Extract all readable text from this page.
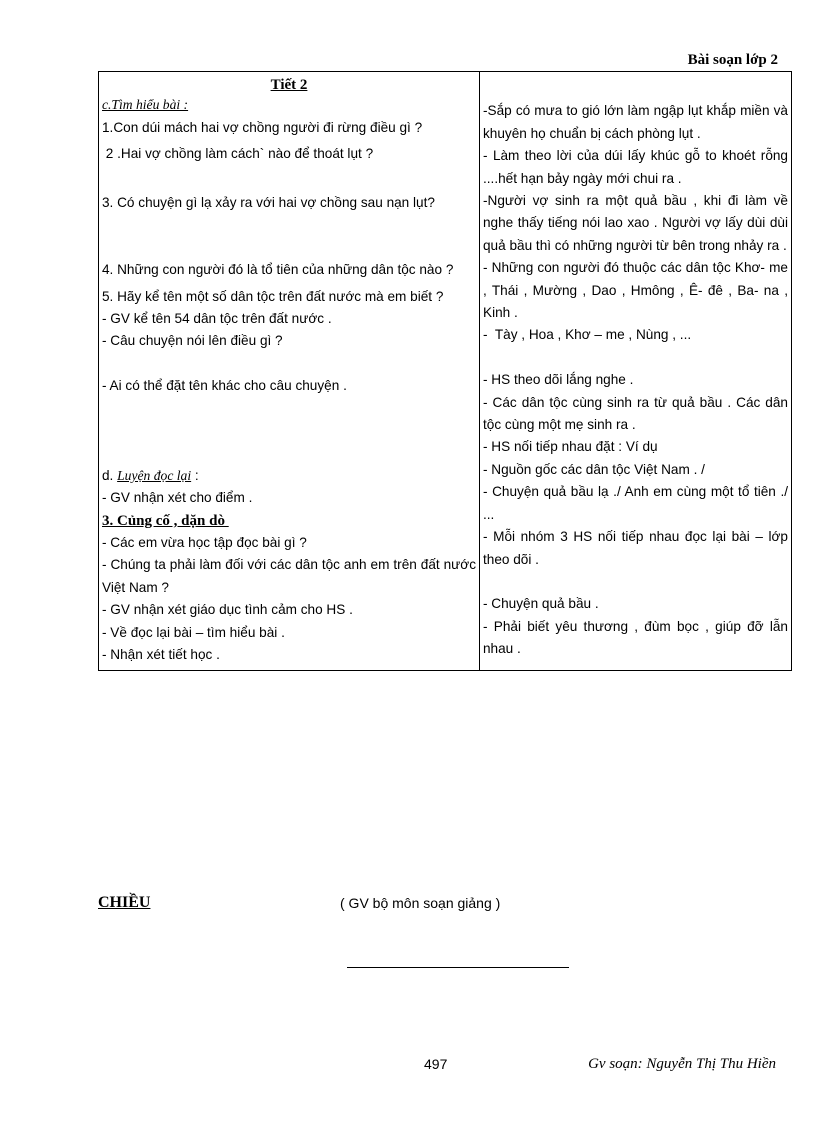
Bài soạn lớp 2
Tiết 2
c.Tìm hiểu bài :
1.Con dúi mách hai vợ chồng người đi rừng điều gì ?
2 .Hai vợ chồng làm cách` nào để thoát lụt ?
3. Có chuyện gì lạ xảy ra với hai vợ chồng sau nạn lụt?
4. Những con người đó là tổ tiên của những dân tộc nào ?
5. Hãy kể tên một số dân tộc trên đất nước mà em biết ?
- GV kể tên 54 dân tộc trên đất nước .
- Câu chuyện nói lên điều gì ?
- Ai có thể đặt tên khác cho câu chuyện .
d. Luyện đọc lại :
- GV nhận xét cho điểm .
3. Củng cố , dặn dò
- Các em vừa học tập đọc bài gì ?
- Chúng ta phải làm đối với các dân tộc anh em trên đất nước Việt Nam ?
- GV nhận xét giáo dục tình cảm cho HS .
- Về đọc lại bài – tìm hiểu bài .
- Nhận xét tiết học .

-Sắp có mưa to gió lớn làm ngập lụt khắp miền và khuyên họ chuẩn bị cách phòng lụt .
- Làm theo lời của dúi lấy khúc gỗ to khoét rỗng ....hết hạn bảy ngày mới chui ra .
-Người vợ sinh ra một quả bầu , khi đi làm về nghe thấy tiếng nói lao xao . Người vợ lấy dùi dùi quả bầu thì có những người từ bên trong nhảy ra .
- Những con người đó thuộc các dân tộc Khơ- me , Thái , Mường , Dao , Hmông , Ê- đê , Ba- na , Kinh .
-  Tày , Hoa , Khơ – me , Nùng , ...
- HS theo dõi lắng nghe .
- Các dân tộc cùng sinh ra từ quả bầu . Các dân tộc cùng một mẹ sinh ra .
- HS nối tiếp nhau đặt : Ví dụ
- Nguồn gốc các dân tộc Việt Nam . /
- Chuyện quả bầu lạ ./ Anh em cùng một tổ tiên ./ ...
- Mỗi nhóm 3 HS nối tiếp nhau đọc lại bài – lớp theo dõi .
- Chuyện quả bầu .
- Phải biết yêu thương , đùm bọc , giúp đỡ lẫn nhau .
CHIỀU	( GV bộ môn soạn giảng )
497	Gv soạn: Nguyễn Thị Thu Hiền
